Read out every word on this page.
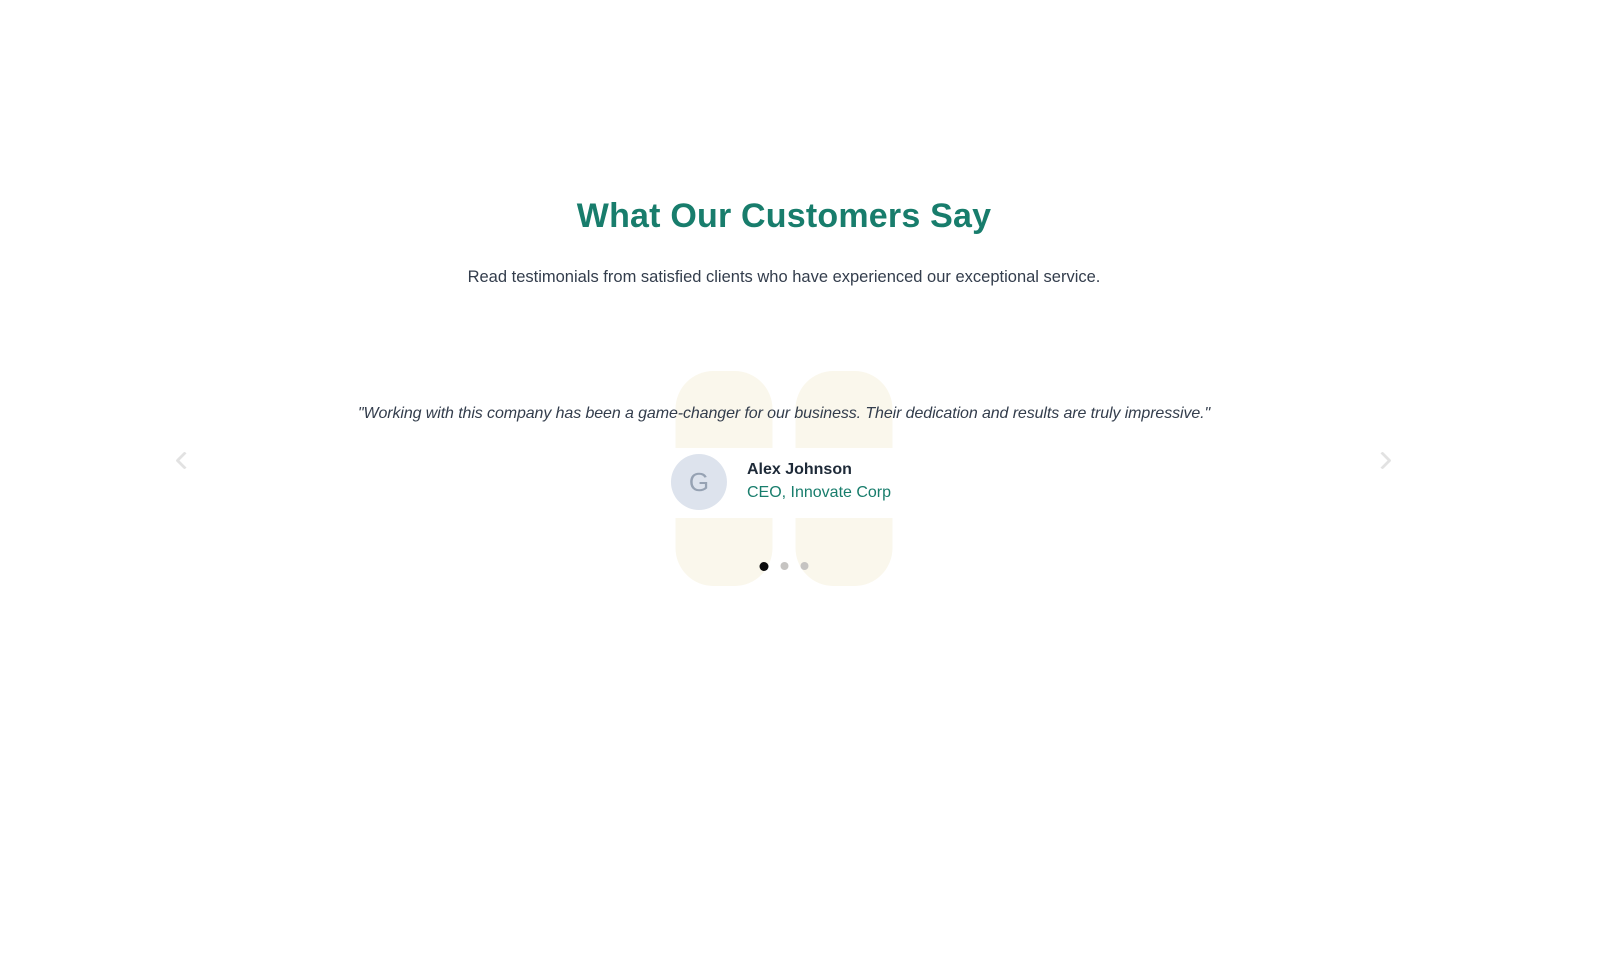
What Our Customers Say

Read testimonials from satisfied clients who have experienced our exceptional service.

"Working with this company has been a game-changer for our business. Their dedication and results are truly impressive."

G	Alex Johnson
CEO, Innovate Corp
